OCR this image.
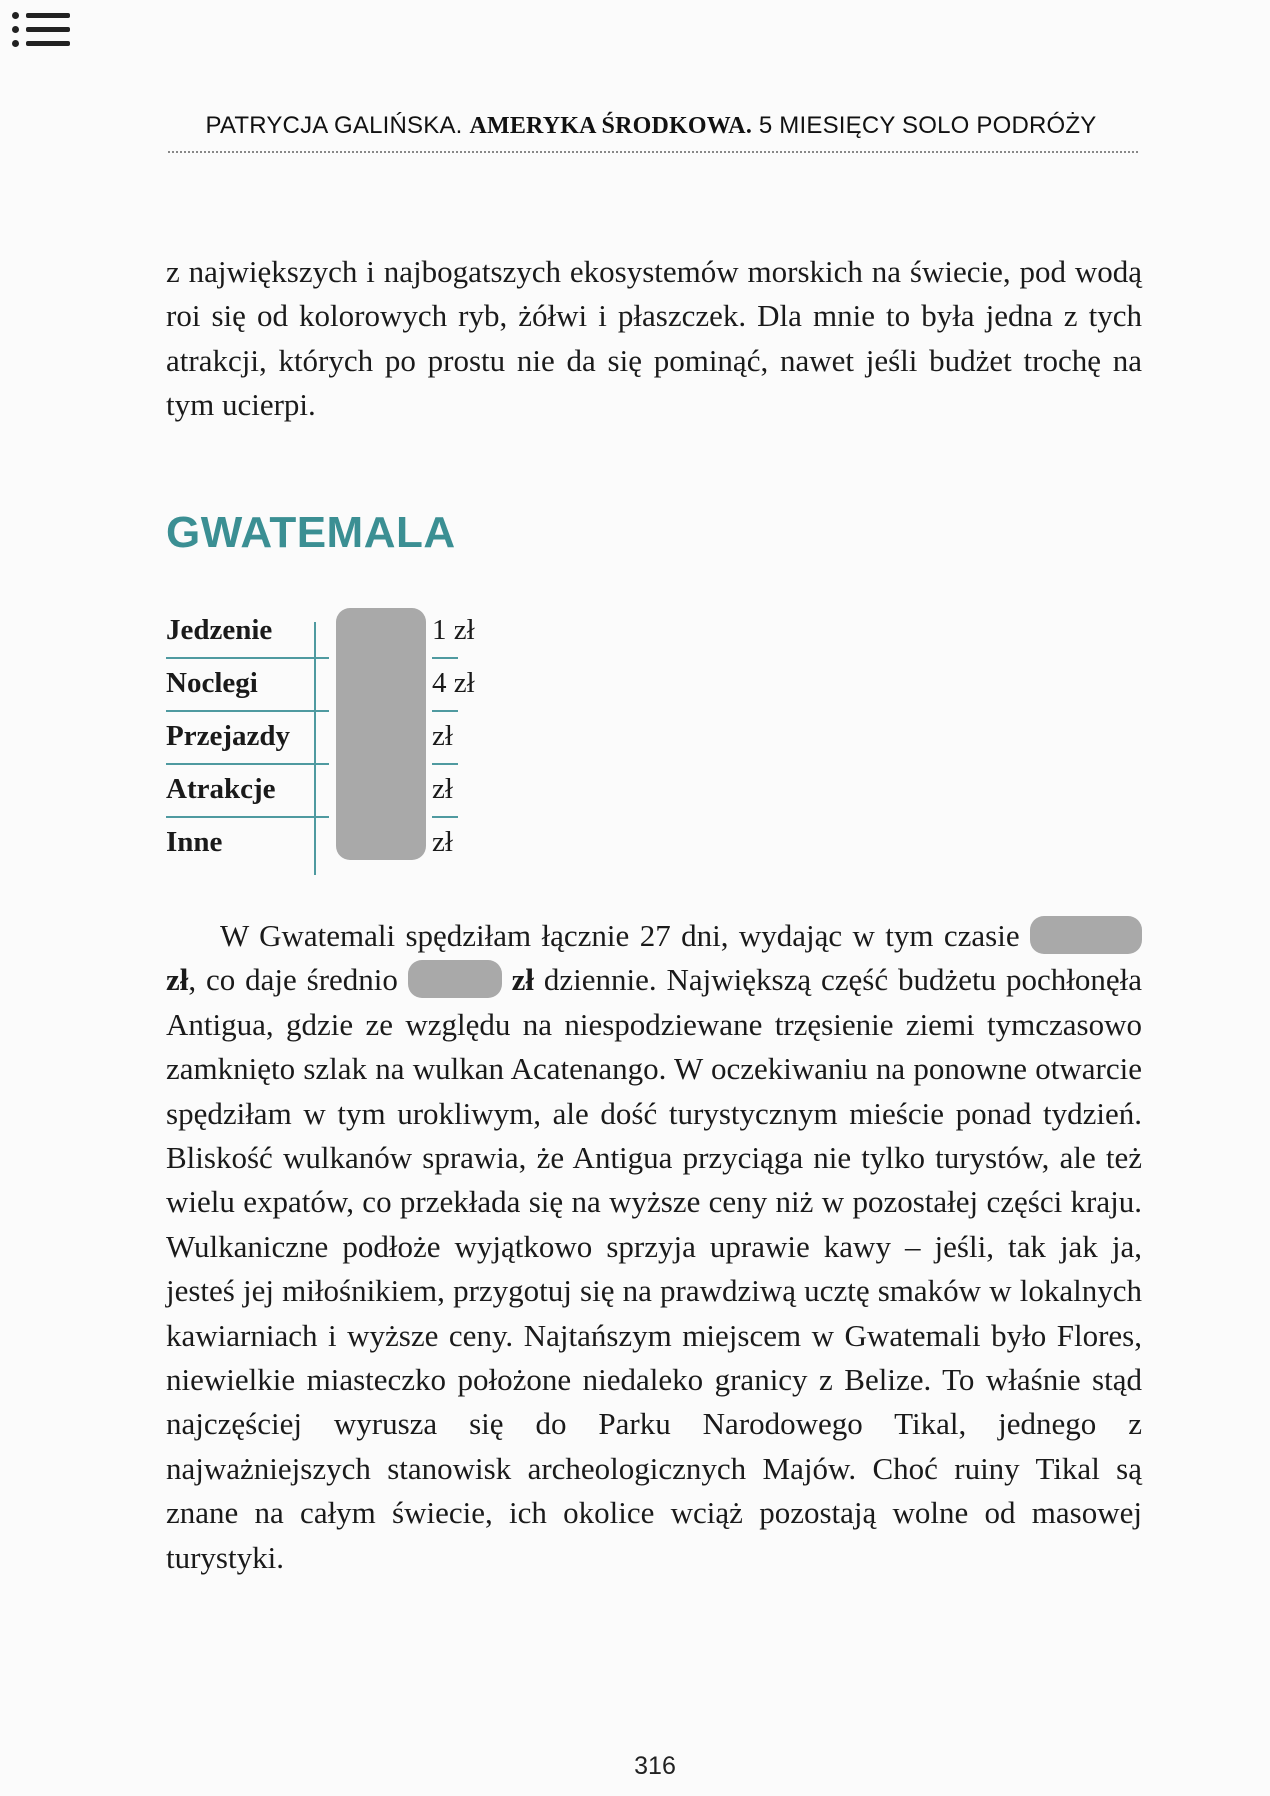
PATRYCJA GALIŃSKA. AMERYKA ŚRODKOWA. 5 MIESIĘCY SOLO PODRÓŻY

z największych i najbogatszych ekosystemów morskich na świecie, pod wodą roi się od kolorowych ryb, żółwi i płaszczek. Dla mnie to była jedna z tych atrakcji, których po prostu nie da się pominąć, nawet jeśli budżet trochę na tym ucierpi.

GWATEMALA
Jedzenie	1 zł
Noclegi	4 zł
Przejazdy	zł
Atrakcje	zł
Inne	zł

W Gwatemali spędziłam łącznie 27 dni, wydając w tym czasie  zł, co daje średnio	zł dziennie. Największą część budżetu pochłonęła Antigua, gdzie ze względu na niespodziewane trzęsienie ziemi tymczasowo zamknięto szlak na wulkan Acatenango. W oczekiwaniu na ponowne otwarcie spędziłam w tym urokliwym, ale dość turystycznym mieście ponad tydzień. Bliskość wulkanów sprawia, że Antigua przyciąga nie tylko turystów, ale też wielu expatów, co przekłada się na wyższe ceny niż w pozostałej części kraju. Wulkaniczne podłoże wyjątkowo sprzyja uprawie kawy – jeśli, tak jak ja, jesteś jej miłośnikiem, przygotuj się na prawdziwą ucztę smaków w lokalnych kawiarniach i wyższe ceny. Najtańszym miejscem w Gwatemali było Flores, niewielkie miasteczko położone niedaleko granicy z Belize. To właśnie stąd najczęściej wyrusza się do Parku Narodowego Tikal, jednego z najważniejszych stanowisk archeologicznych Majów. Choć ruiny Tikal są znane na całym świecie, ich okolice wciąż pozostają wolne od masowej turystyki.

316
